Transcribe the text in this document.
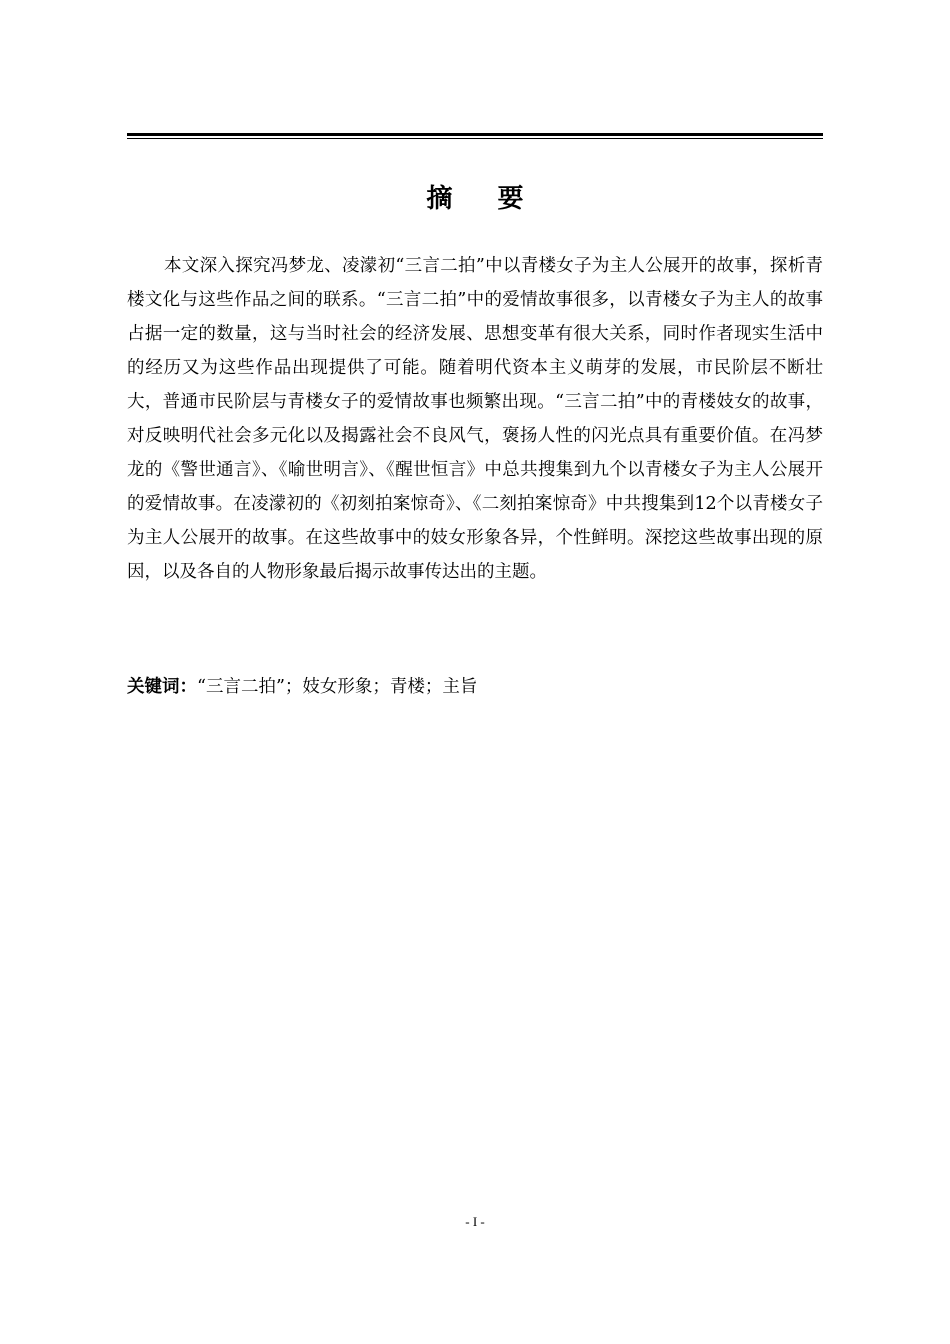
摘 要

本文深入探究冯梦龙、凌濛初“三言二拍”中以青楼女子为主人公展开的故事，探析青楼文化与这些作品之间的联系。“三言二拍”中的爱情故事很多，以青楼女子为主人的故事占据一定的数量，这与当时社会的经济发展、思想变革有很大关系，同时作者现实生活中的经历又为这些作品出现提供了可能。随着明代资本主义萌芽的发展，市民阶层不断壮大，普通市民阶层与青楼女子的爱情故事也频繁出现。“三言二拍”中的青楼妓女的故事，对反映明代社会多元化以及揭露社会不良风气，褒扬人性的闪光点具有重要价值。在冯梦龙的《警世通言》、《喻世明言》、《醒世恒言》中总共搜集到九个以青楼女子为主人公展开的爱情故事。在凌濛初的《初刻拍案惊奇》、《二刻拍案惊奇》中共搜集到12个以青楼女子为主人公展开的故事。在这些故事中的妓女形象各异，个性鲜明。深挖这些故事出现的原因，以及各自的人物形象最后揭示故事传达出的主题。

关键词：“三言二拍”；妓女形象；青楼；主旨
- I -
